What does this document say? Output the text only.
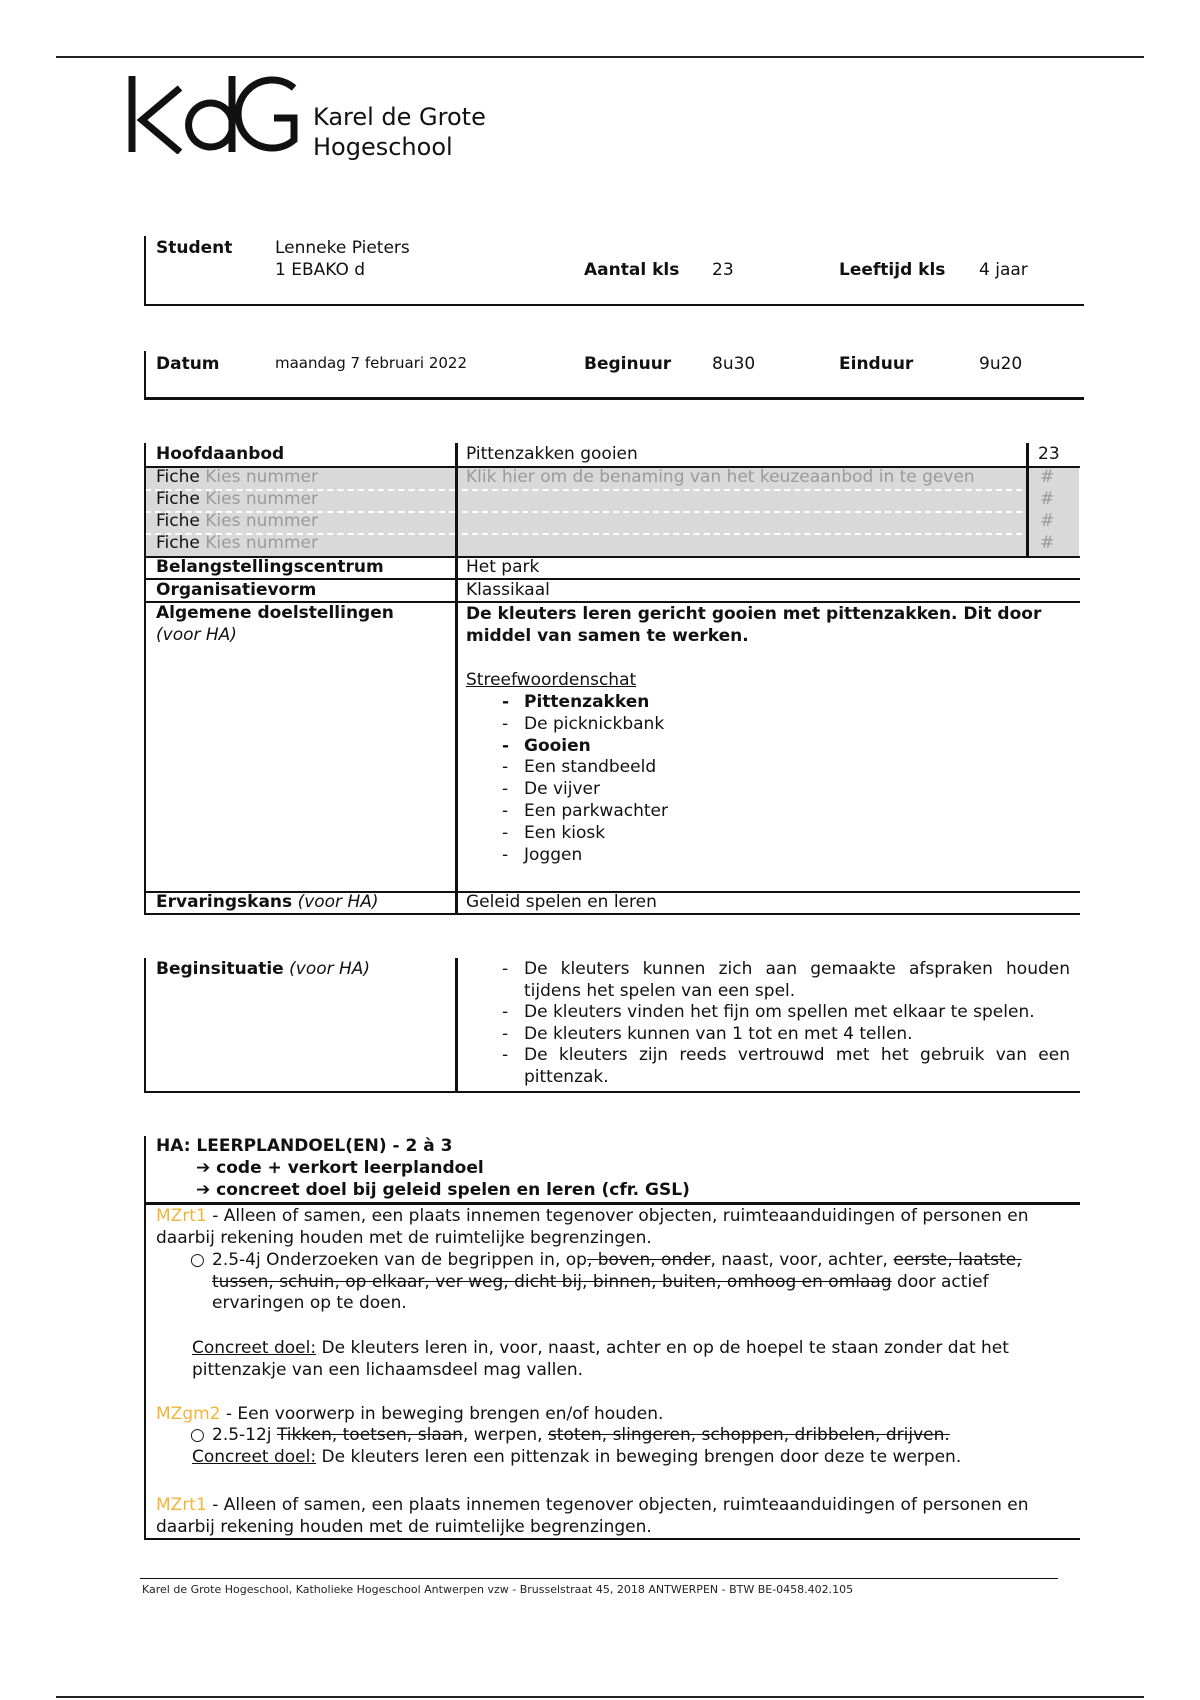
Karel de Grote
Hogeschool
Student	Lenneke Pieters
1 EBAKO d	Aantal kls 23	Leeftijd kls 4 jaar
Datum	maandag 7 februari 2022	Beginuur 8u30	Einduur	9u20
Hoofdaanbod	Pittenzakken gooien	23
Fiche Kies nummer	Klik hier om de benaming van het keuzeaanbod in te geven	#
Fiche Kies nummer	#
Fiche Kies nummer	#
Fiche Kies nummer	#
Belangstellingscentrum	Het park
Organisatievorm	Klassikaal
Algemene doelstellingen
(voor HA)
De kleuters leren gericht gooien met pittenzakken. Dit door middel van samen te werken.
Streefwoordenschat
- Pittenzakken
- De picknickbank
- Gooien
- Een standbeeld
- De vijver
- Een parkwachter
- Een kiosk
- Joggen
Ervaringskans (voor HA)	Geleid spelen en leren
Beginsituatie (voor HA)
-	De kleuters kunnen zich aan gemaakte afspraken houden tijdens het spelen van een spel.
- De kleuters vinden het fijn om spellen met elkaar te spelen.
- De kleuters kunnen van 1 tot en met 4 tellen.
- De kleuters zijn reeds vertrouwd met het gebruik van een pittenzak.
HA: LEERPLANDOEL(EN) - 2 à 3
➔ code + verkort leerplandoel
➔ concreet doel bij geleid spelen en leren (cfr. GSL)
MZrt1 - Alleen of samen, een plaats innemen tegenover objecten, ruimteaanduidingen of personen en daarbij rekening houden met de ruimtelijke begrenzingen.
○ 2.5-4j Onderzoeken van de begrippen in, op, boven, onder, naast, voor, achter, eerste, laatste, tussen, schuin, op elkaar, ver weg, dicht bij, binnen, buiten, omhoog en omlaag door actief ervaringen op te doen.
Concreet doel: De kleuters leren in, voor, naast, achter en op de hoepel te staan zonder dat het pittenzakje van een lichaamsdeel mag vallen.
MZgm2 - Een voorwerp in beweging brengen en/of houden.
○ 2.5-12j Tikken, toetsen, slaan, werpen, stoten, slingeren, schoppen, dribbelen, drijven.
Concreet doel: De kleuters leren een pittenzak in beweging brengen door deze te werpen.
MZrt1 - Alleen of samen, een plaats innemen tegenover objecten, ruimteaanduidingen of personen en daarbij rekening houden met de ruimtelijke begrenzingen.
Karel de Grote Hogeschool, Katholieke Hogeschool Antwerpen vzw - Brusselstraat 45, 2018 ANTWERPEN - BTW BE-0458.402.105
